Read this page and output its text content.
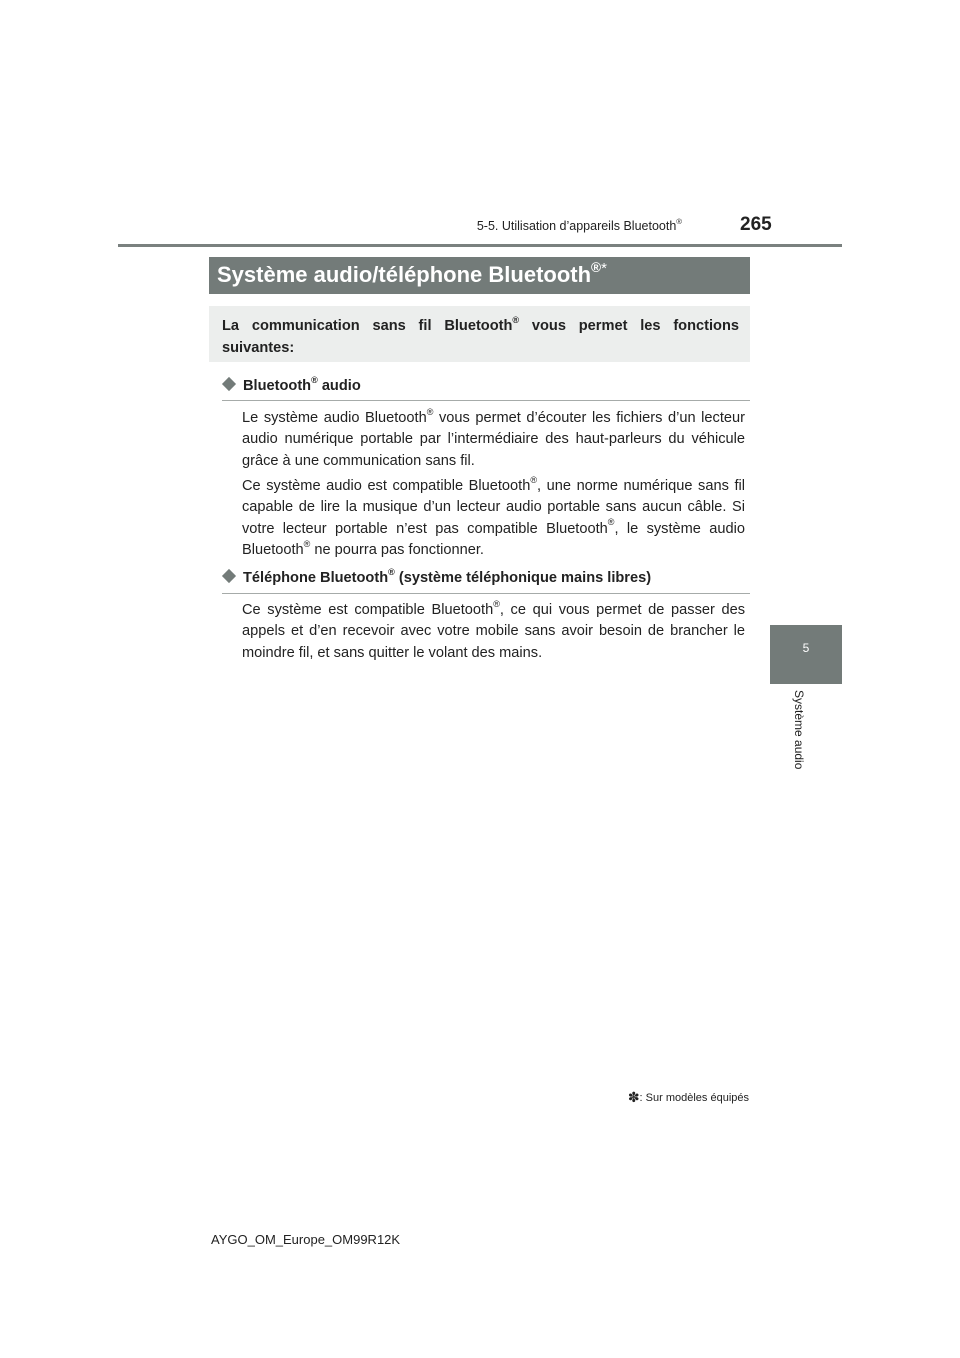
5-5. Utilisation d’appareils Bluetooth®	265
5
Système audio
Système audio/téléphone Bluetooth®*
La communication sans fil Bluetooth® vous permet les fonctions suivantes:
Bluetooth® audio
Le système audio Bluetooth® vous permet d’écouter les fichiers d’un lecteur audio numérique portable par l’intermédiaire des haut-parleurs du véhicule grâce à une communication sans fil.
Ce système audio est compatible Bluetooth®, une norme numérique sans fil capable de lire la musique d’un lecteur audio portable sans aucun câble. Si votre lecteur portable n’est pas compatible Bluetooth®, le système audio Bluetooth® ne pourra pas fonctionner.
Téléphone Bluetooth® (système téléphonique mains libres)
Ce système est compatible Bluetooth®, ce qui vous permet de passer des appels et d’en recevoir avec votre mobile sans avoir besoin de brancher le moindre fil, et sans quitter le volant des mains.
✽: Sur modèles équipés
AYGO_OM_Europe_OM99R12K
